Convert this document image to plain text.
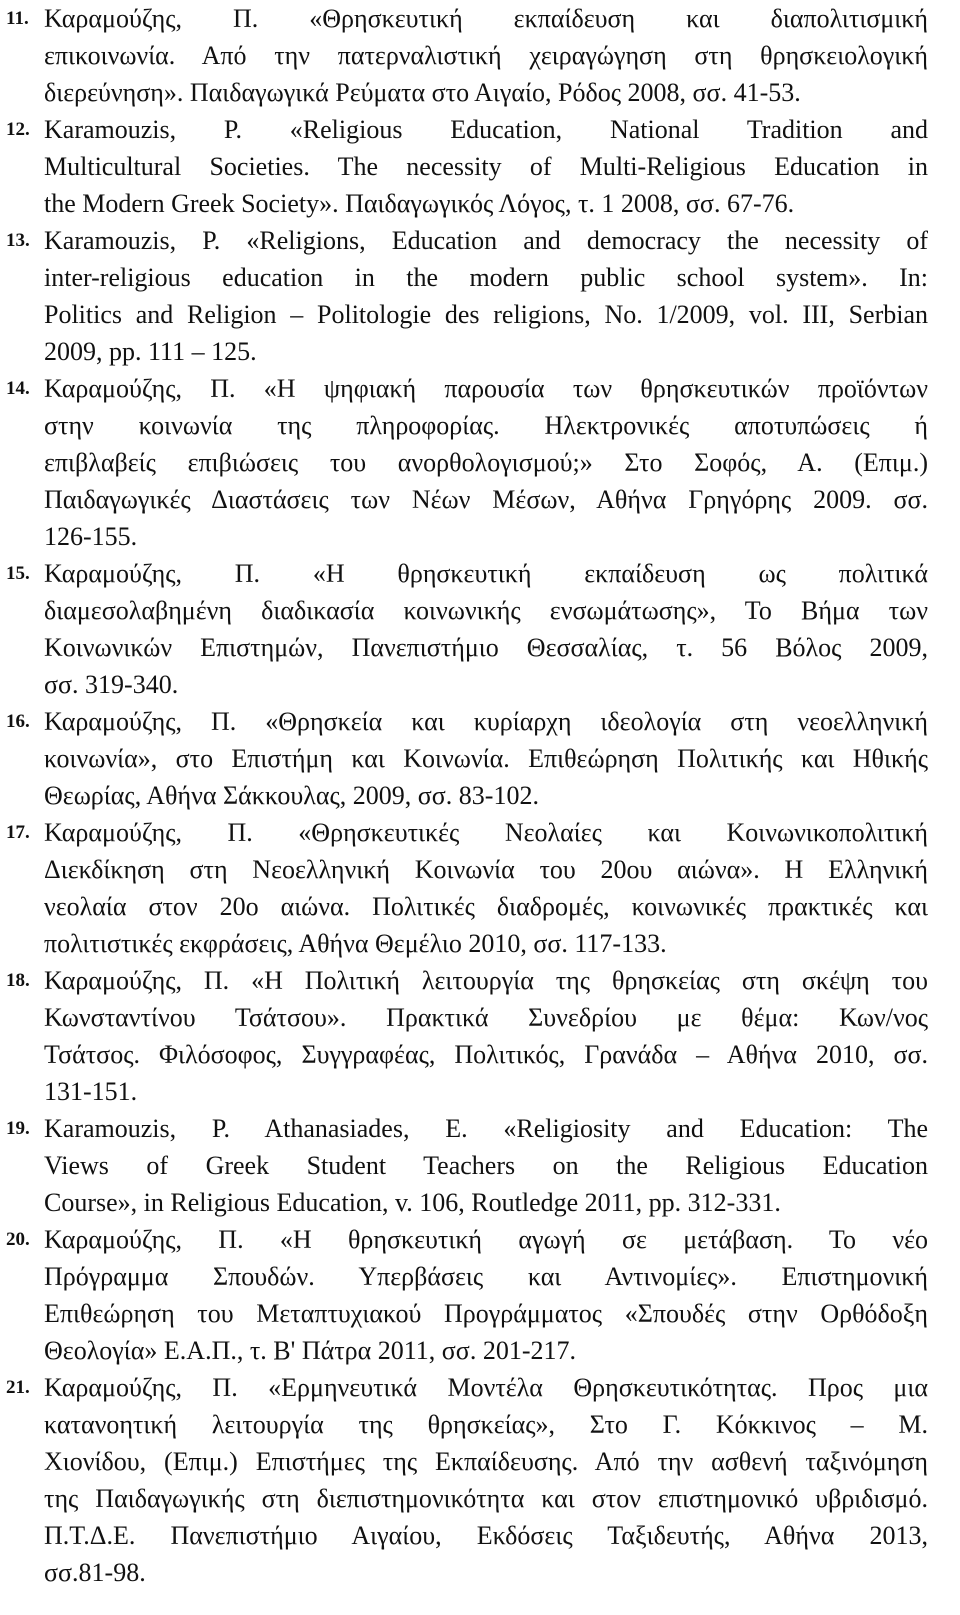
11. Καραμούζης, Π. «Θρησκευτική εκπαίδευση και διαπολιτισμική
επικοινωνία. Από την πατερναλιστική χειραγώγηση στη θρησκειολογική
διερεύνηση». Παιδαγωγικά Ρεύματα στο Αιγαίο, Ρόδος 2008, σσ. 41-53.
12. Karamouzis, P. «Religious Education, National Tradition and
Multicultural Societies. The necessity of Multi-Religious Education in
the Modern Greek Society». Παιδαγωγικός Λόγος, τ. 1 2008, σσ. 67-76.
13. Karamouzis, P. «Religions, Education and democracy the necessity of
inter-religious education in the modern public school system». In:
Politics and Religion – Politologie des religions, No. 1/2009, vol. III, Serbian
2009, pp. 111 – 125.
14. Καραμούζης, Π. «Η ψηφιακή παρουσία των θρησκευτικών προϊόντων
στην κοινωνία της πληροφορίας. Ηλεκτρονικές αποτυπώσεις ή
επιβλαβείς επιβιώσεις του ανορθολογισμού;» Στο Σοφός, Α. (Επιμ.)
Παιδαγωγικές Διαστάσεις των Νέων Μέσων, Αθήνα Γρηγόρης 2009. σσ.
126-155.
15. Καραμούζης, Π. «Η θρησκευτική εκπαίδευση ως πολιτικά
διαμεσολαβημένη διαδικασία κοινωνικής ενσωμάτωσης», Το Βήμα των
Κοινωνικών Επιστημών, Πανεπιστήμιο Θεσσαλίας, τ. 56 Βόλος 2009,
σσ. 319-340.
16. Καραμούζης, Π. «Θρησκεία και κυρίαρχη ιδεολογία στη νεοελληνική
κοινωνία», στο Επιστήμη και Κοινωνία. Επιθεώρηση Πολιτικής και Ηθικής
Θεωρίας, Αθήνα Σάκκουλας, 2009, σσ. 83-102.
17. Καραμούζης, Π. «Θρησκευτικές Νεολαίες και Κοινωνικοπολιτική
Διεκδίκηση στη Νεοελληνική Κοινωνία του 20ου αιώνα». Η Ελληνική
νεολαία στον 20ο αιώνα. Πολιτικές διαδρομές, κοινωνικές πρακτικές και
πολιτιστικές εκφράσεις, Αθήνα Θεμέλιο 2010, σσ. 117-133.
18. Καραμούζης, Π. «Η Πολιτική λειτουργία της θρησκείας στη σκέψη του
Κωνσταντίνου Τσάτσου». Πρακτικά Συνεδρίου με θέμα: Κων/νος
Τσάτσος. Φιλόσοφος, Συγγραφέας, Πολιτικός, Γρανάδα – Αθήνα 2010, σσ.
131-151.
19. Karamouzis, P. Athanasiades, E. «Religiosity and Education: The
Views of Greek Student Teachers on the Religious Education
Course», in Religious Education, v. 106, Routledge 2011, pp. 312-331.
20. Καραμούζης, Π. «Η θρησκευτική αγωγή σε μετάβαση. Το νέο
Πρόγραμμα Σπουδών. Υπερβάσεις και Αντινομίες». Επιστημονική
Επιθεώρηση του Μεταπτυχιακού Προγράμματος «Σπουδές στην Ορθόδοξη
Θεολογία» Ε.Α.Π., τ. Β' Πάτρα 2011, σσ. 201-217.
21. Καραμούζης, Π. «Ερμηνευτικά Μοντέλα Θρησκευτικότητας. Προς μια
κατανοητική λειτουργία της θρησκείας», Στο Γ. Κόκκινος – Μ.
Χιονίδου, (Επιμ.) Επιστήμες της Εκπαίδευσης. Από την ασθενή ταξινόμηση
της Παιδαγωγικής στη διεπιστημονικότητα και στον επιστημονικό υβριδισμό.
Π.Τ.Δ.Ε. Πανεπιστήμιο Αιγαίου, Εκδόσεις Ταξιδευτής, Αθήνα 2013,
σσ.81-98.
